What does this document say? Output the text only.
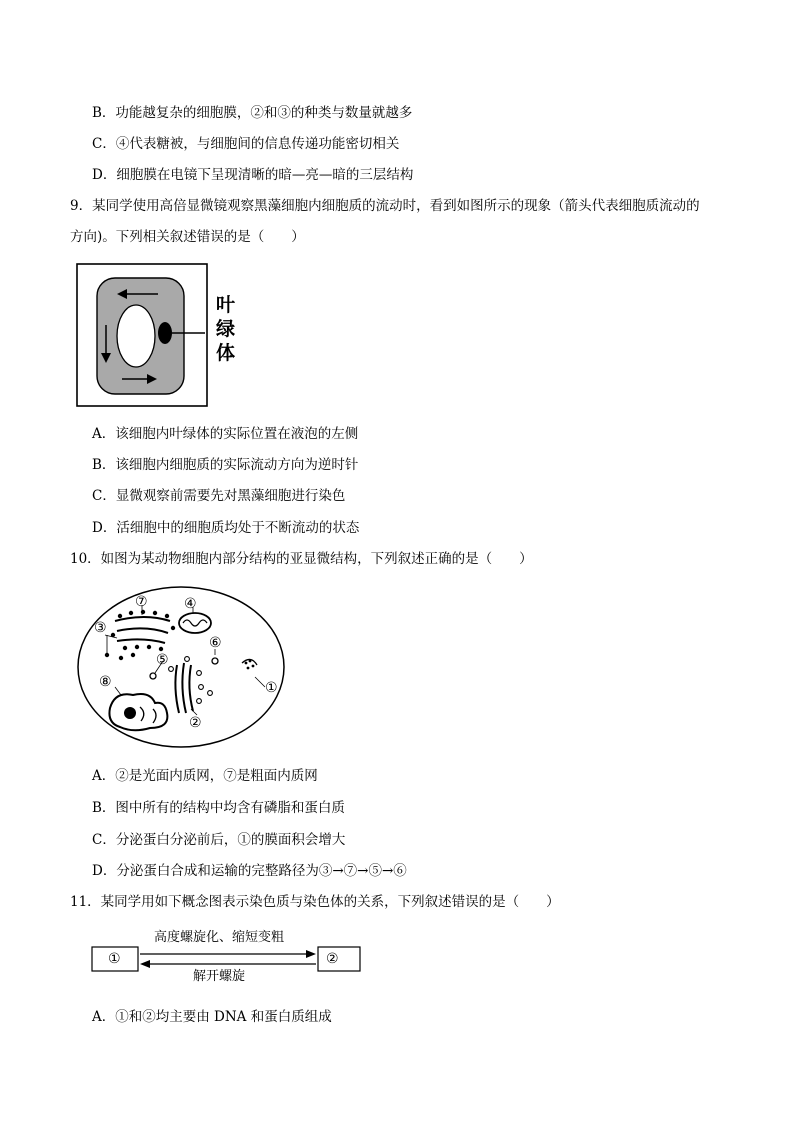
B．功能越复杂的细胞膜，②和③的种类与数量就越多
C．④代表糖被，与细胞间的信息传递功能密切相关
D．细胞膜在电镜下呈现清晰的暗—亮—暗的三层结构
9．某同学使用高倍显微镜观察黑藻细胞内细胞质的流动时，看到如图所示的现象（箭头代表细胞质流动的
方向)。下列相关叙述错误的是（　　）
叶
绿
体
A．该细胞内叶绿体的实际位置在液泡的左侧
B．该细胞内细胞质的实际流动方向为逆时针
C．显微观察前需要先对黑藻细胞进行染色
D．活细胞中的细胞质均处于不断流动的状态
10．如图为某动物细胞内部分结构的亚显微结构，下列叙述正确的是（　　）
①
②
③
④
⑤
⑥
⑦
⑧
A．②是光面内质网，⑦是粗面内质网
B．图中所有的结构中均含有磷脂和蛋白质
C．分泌蛋白分泌前后，①的膜面积会增大
D．分泌蛋白合成和运输的完整路径为③→⑦→⑤→⑥
11．某同学用如下概念图表示染色质与染色体的关系，下列叙述错误的是（　　）
①	②
高度螺旋化、缩短变粗
解开螺旋
A．①和②均主要由 DNA 和蛋白质组成
